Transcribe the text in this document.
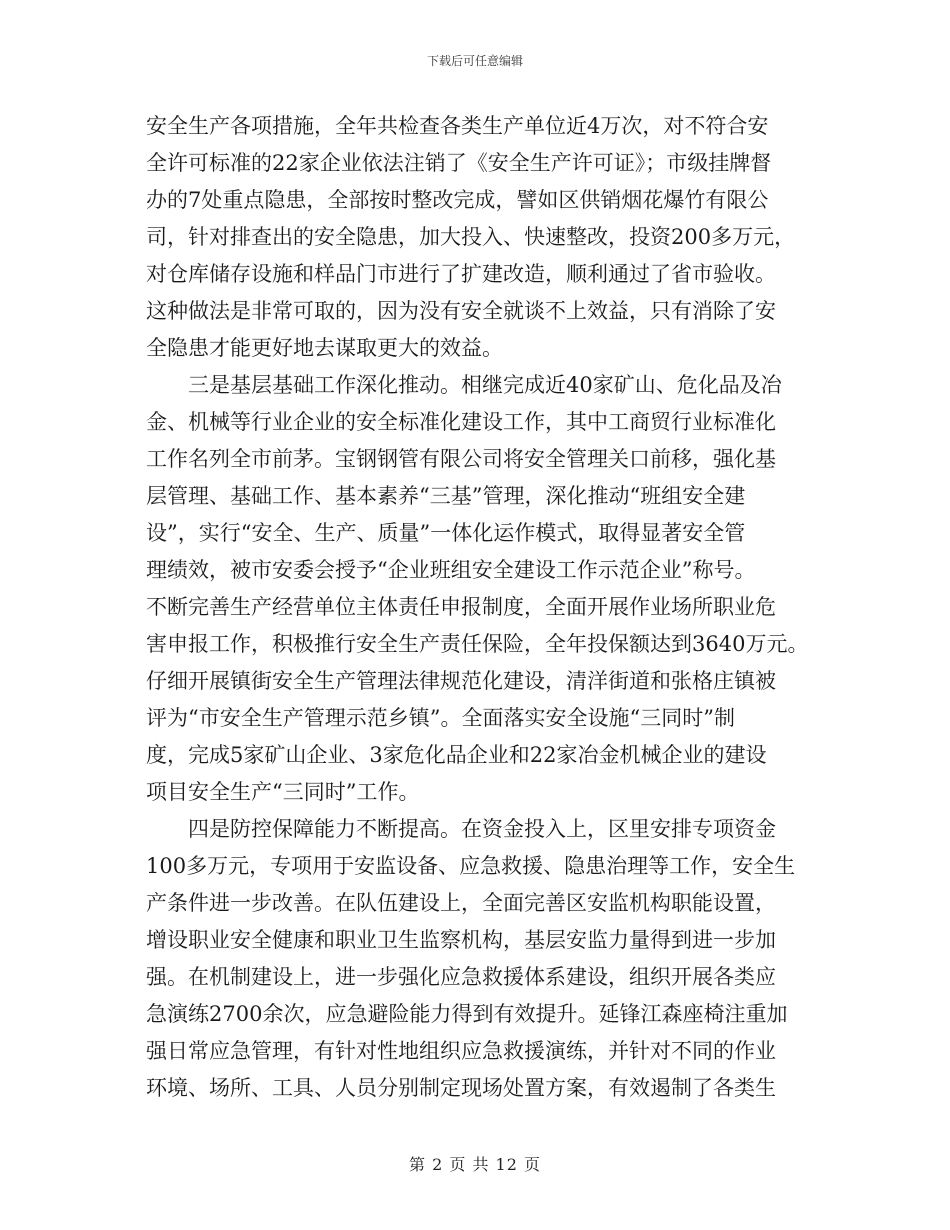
下载后可任意编辑
安全生产各项措施，全年共检查各类生产单位近4万次，对不符合安
全许可标准的22家企业依法注销了《安全生产许可证》；市级挂牌督
办的7处重点隐患，全部按时整改完成，譬如区供销烟花爆竹有限公
司，针对排查出的安全隐患，加大投入、快速整改，投资200多万元，
对仓库储存设施和样品门市进行了扩建改造，顺利通过了省市验收。
这种做法是非常可取的，因为没有安全就谈不上效益，只有消除了安
全隐患才能更好地去谋取更大的效益。
　　三是基层基础工作深化推动。相继完成近40家矿山、危化品及冶
金、机械等行业企业的安全标准化建设工作，其中工商贸行业标准化
工作名列全市前茅。宝钢钢管有限公司将安全管理关口前移，强化基
层管理、基础工作、基本素养“三基”管理，深化推动“班组安全建
设”，实行“安全、生产、质量”一体化运作模式，取得显著安全管
理绩效，被市安委会授予“企业班组安全建设工作示范企业”称号。
不断完善生产经营单位主体责任申报制度，全面开展作业场所职业危
害申报工作，积极推行安全生产责任保险，全年投保额达到3640万元。
仔细开展镇街安全生产管理法律规范化建设，清洋街道和张格庄镇被
评为“市安全生产管理示范乡镇”。全面落实安全设施“三同时”制
度，完成5家矿山企业、3家危化品企业和22家冶金机械企业的建设
项目安全生产“三同时”工作。
　　四是防控保障能力不断提高。在资金投入上，区里安排专项资金
100多万元，专项用于安监设备、应急救援、隐患治理等工作，安全生
产条件进一步改善。在队伍建设上，全面完善区安监机构职能设置，
增设职业安全健康和职业卫生监察机构，基层安监力量得到进一步加
强。在机制建设上，进一步强化应急救援体系建设，组织开展各类应
急演练2700余次，应急避险能力得到有效提升。延锋江森座椅注重加
强日常应急管理，有针对性地组织应急救援演练，并针对不同的作业
环境、场所、工具、人员分别制定现场处置方案，有效遏制了各类生
第 2 页 共 12 页
